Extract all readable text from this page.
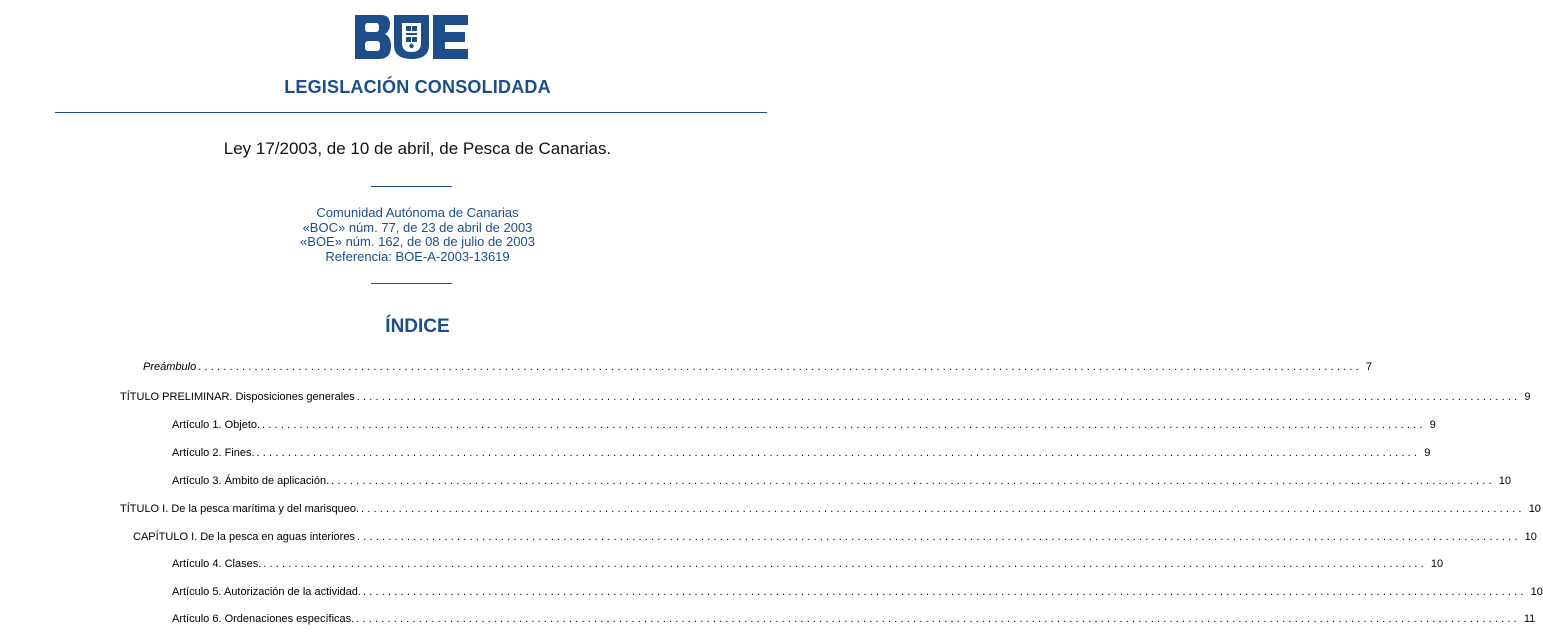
LEGISLACIÓN CONSOLIDADA

Ley 17/2003, de 10 de abril, de Pesca de Canarias.

Comunidad Autónoma de Canarias
«BOC» núm. 77, de 23 de abril de 2003
«BOE» núm. 162, de 08 de julio de 2003
Referencia: BOE-A-2003-13619
ÍNDICE
Preámbulo .......................................................................................................................................................................................... 7
TÍTULO PRELIMINAR. Disposiciones generales .......................................................................................................................................................................................... 9
Artículo 1. Objeto. .......................................................................................................................................................................................... 9
Artículo 2. Fines. .......................................................................................................................................................................................... 9
Artículo 3. Ámbito de aplicación. .......................................................................................................................................................................................... 10
TÍTULO I. De la pesca marítima y del marisqueo. .......................................................................................................................................................................................... 10
CAPÍTULO I. De la pesca en aguas interiores .......................................................................................................................................................................................... 10
Artículo 4. Clases. .......................................................................................................................................................................................... 10
Artículo 5. Autorización de la actividad. .......................................................................................................................................................................................... 10
Artículo 6. Ordenaciones específicas. .......................................................................................................................................................................................... 11
